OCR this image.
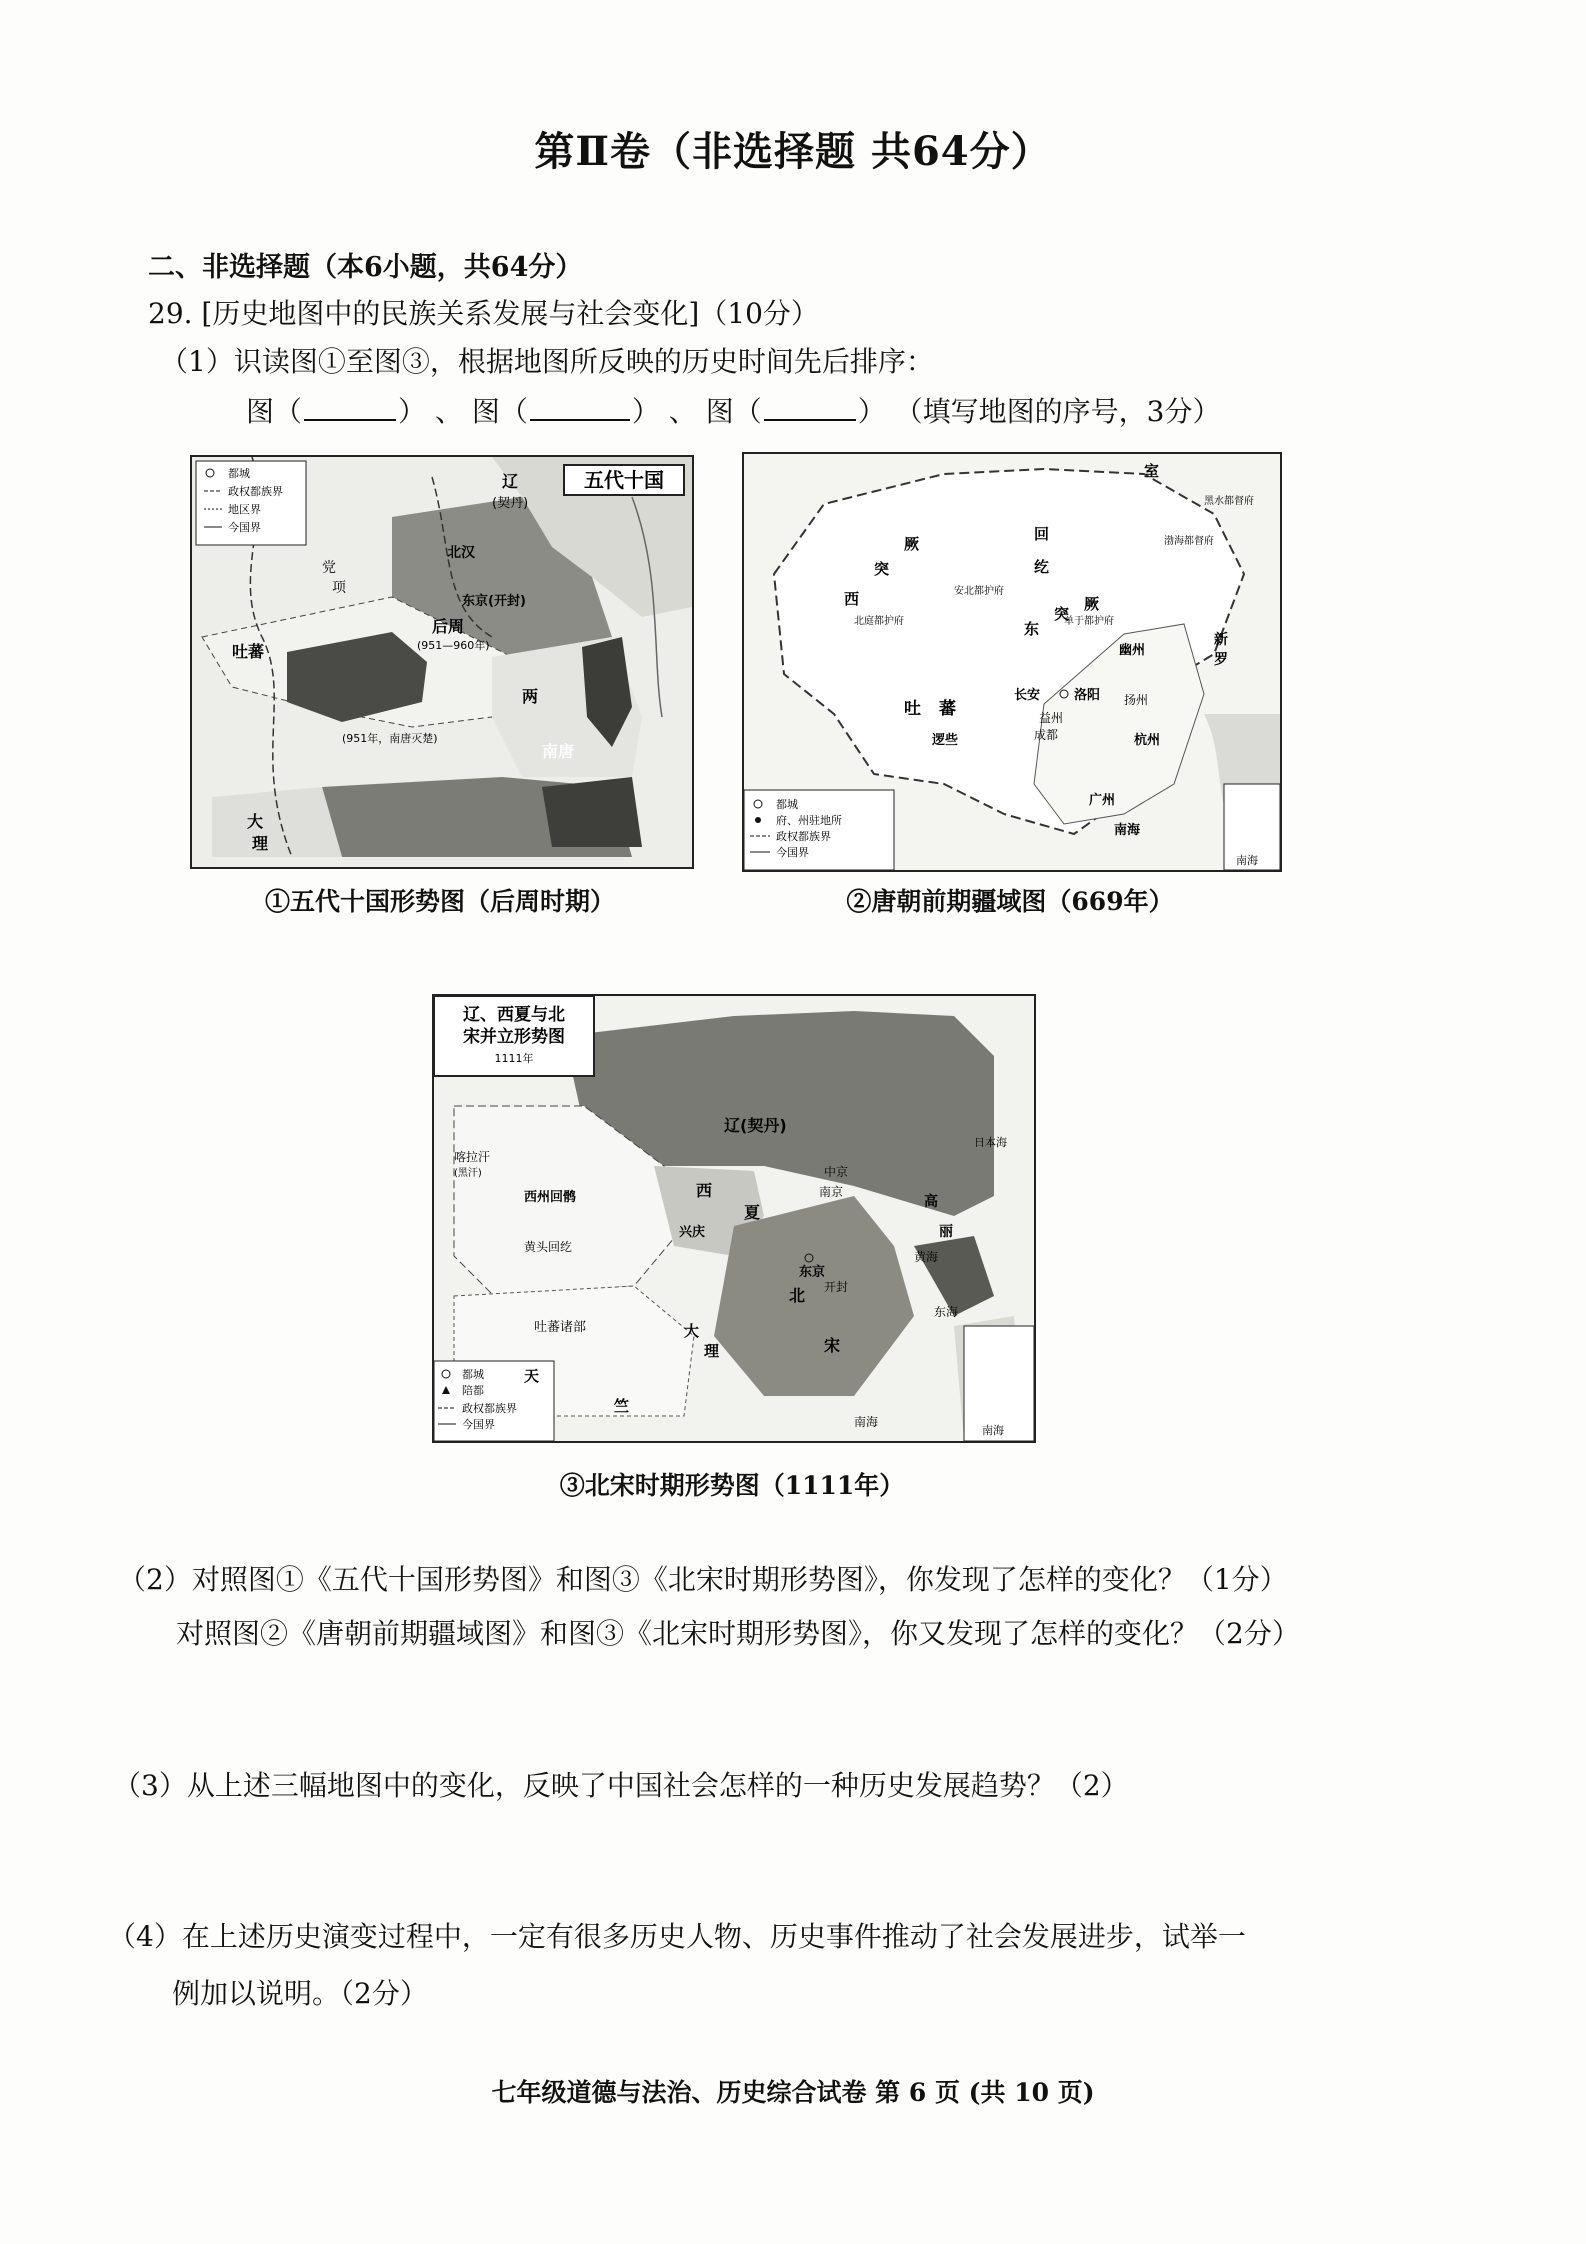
第Ⅱ卷（非选择题 共64分）
二、非选择题（本6小题，共64分）
29. [历史地图中的民族关系发展与社会变化]（10分）
（1）识读图①至图③，根据地图所反映的历史时间先后排序：
图（	） 、 图（	） 、 图（	） （填写地图的序号，3分）
五代十国
都城
政权都族界
地区界
今国界
辽
(契丹)
东京(开封)
后周
(951—960年)
吐蕃
南唐
(951年，南唐灭楚)
两
大
理
党
项
北汉
①五代十国形势图（后周时期）
南海
都城
府、州驻地所
政权都族界
今国界
室
回
纥
西
突
厥
东
突
厥
吐 蕃
长安	洛阳
逻些
安北都护府
北庭都护府	单于都护府
幽州
杭州
广州
新
罗
南海
黑水都督府
渤海都督府
扬州
成都
益州
②唐朝前期疆域图（669年）
辽、西夏与北
宋并立形势图
1111年
都城
陪都
政权都族界
今国界	南海
辽(契丹)
西州回鹘
黄头回纥
吐蕃诸部
西
夏
兴庆
东京
开封
北
宋
大
理
天
竺
中京
南京
高
丽
黄海
东海
南海
喀拉汗
(黑汗)
日本海
③北宋时期形势图（1111年）
（2）对照图①《五代十国形势图》和图③《北宋时期形势图》，你发现了怎样的变化？（1分）
对照图②《唐朝前期疆域图》和图③《北宋时期形势图》，你又发现了怎样的变化？（2分）
（3）从上述三幅地图中的变化，反映了中国社会怎样的一种历史发展趋势？（2）
（4）在上述历史演变过程中，一定有很多历史人物、历史事件推动了社会发展进步，试举一
例加以说明。（2分）
七年级道德与法治、历史综合试卷 第 6 页 (共 10 页)
